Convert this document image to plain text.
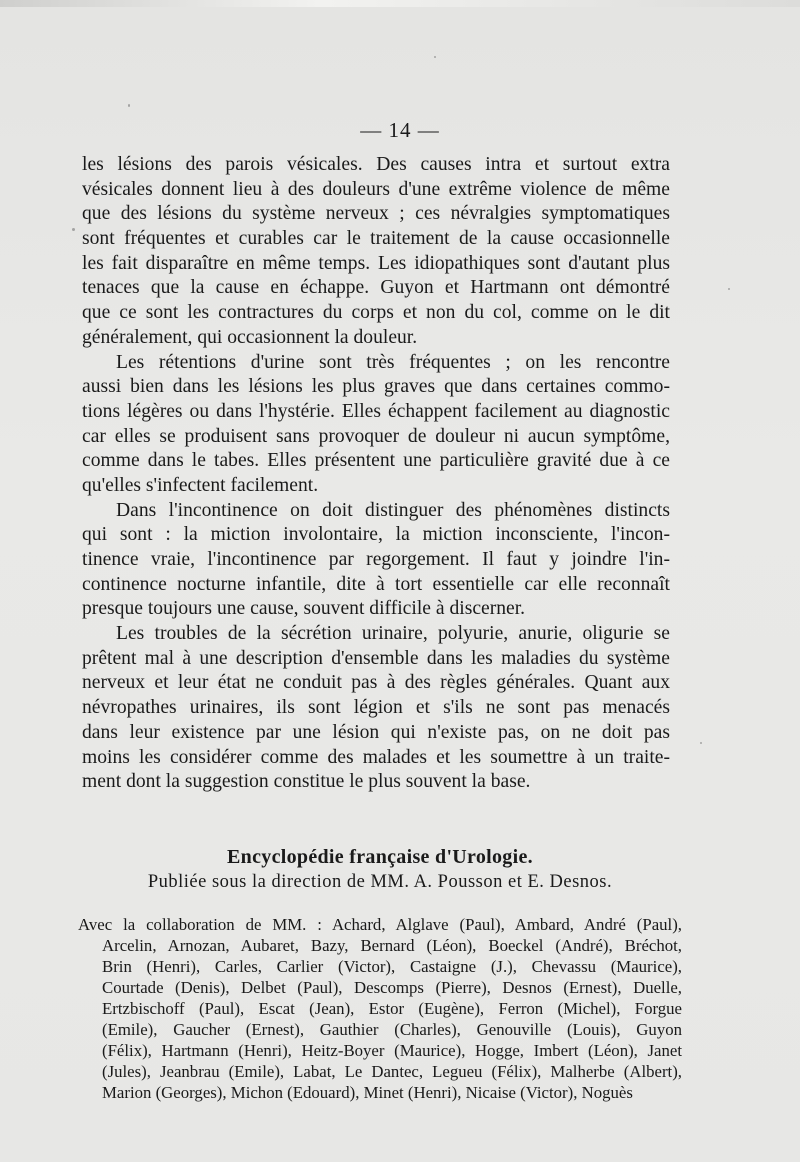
— 14 —
les lésions des parois vésicales. Des causes intra et surtout extra
vésicales donnent lieu à des douleurs d'une extrême violence de même
que des lésions du système nerveux ; ces névralgies symptomatiques
sont fréquentes et curables car le traitement de la cause occasionnelle
les fait disparaître en même temps. Les idiopathiques sont d'autant plus
tenaces que la cause en échappe. Guyon et Hartmann ont démontré
que ce sont les contractures du corps et non du col, comme on le dit
généralement, qui occasionnent la douleur.
Les rétentions d'urine sont très fréquentes ; on les rencontre
aussi bien dans les lésions les plus graves que dans certaines commo-
tions légères ou dans l'hystérie. Elles échappent facilement au diagnostic
car elles se produisent sans provoquer de douleur ni aucun symptôme,
comme dans le tabes. Elles présentent une particulière gravité due à ce
qu'elles s'infectent facilement.
Dans l'incontinence on doit distinguer des phénomènes distincts
qui sont : la miction involontaire, la miction inconsciente, l'incon-
tinence vraie, l'incontinence par regorgement. Il faut y joindre l'in-
continence nocturne infantile, dite à tort essentielle car elle reconnaît
presque toujours une cause, souvent difficile à discerner.
Les troubles de la sécrétion urinaire, polyurie, anurie, oligurie se
prêtent mal à une description d'ensemble dans les maladies du système
nerveux et leur état ne conduit pas à des règles générales. Quant aux
névropathes urinaires, ils sont légion et s'ils ne sont pas menacés
dans leur existence par une lésion qui n'existe pas, on ne doit pas
moins les considérer comme des malades et les soumettre à un traite-
ment dont la suggestion constitue le plus souvent la base.
Encyclopédie française d'Urologie.
Publiée sous la direction de MM. A. Pousson et E. Desnos.
Avec la collaboration de MM. : Achard, Alglave (Paul), Ambard, André (Paul),
Arcelin, Arnozan, Aubaret, Bazy, Bernard (Léon), Boeckel (André), Bréchot,
Brin (Henri), Carles, Carlier (Victor), Castaigne (J.), Chevassu (Maurice),
Courtade (Denis), Delbet (Paul), Descomps (Pierre), Desnos (Ernest), Duelle,
Ertzbischoff (Paul), Escat (Jean), Estor (Eugène), Ferron (Michel), Forgue
(Emile), Gaucher (Ernest), Gauthier (Charles), Genouville (Louis), Guyon
(Félix), Hartmann (Henri), Heitz-Boyer (Maurice), Hogge, Imbert (Léon), Janet
(Jules), Jeanbrau (Emile), Labat, Le Dantec, Legueu (Félix), Malherbe (Albert),
Marion (Georges), Michon (Edouard), Minet (Henri), Nicaise (Victor), Noguès
